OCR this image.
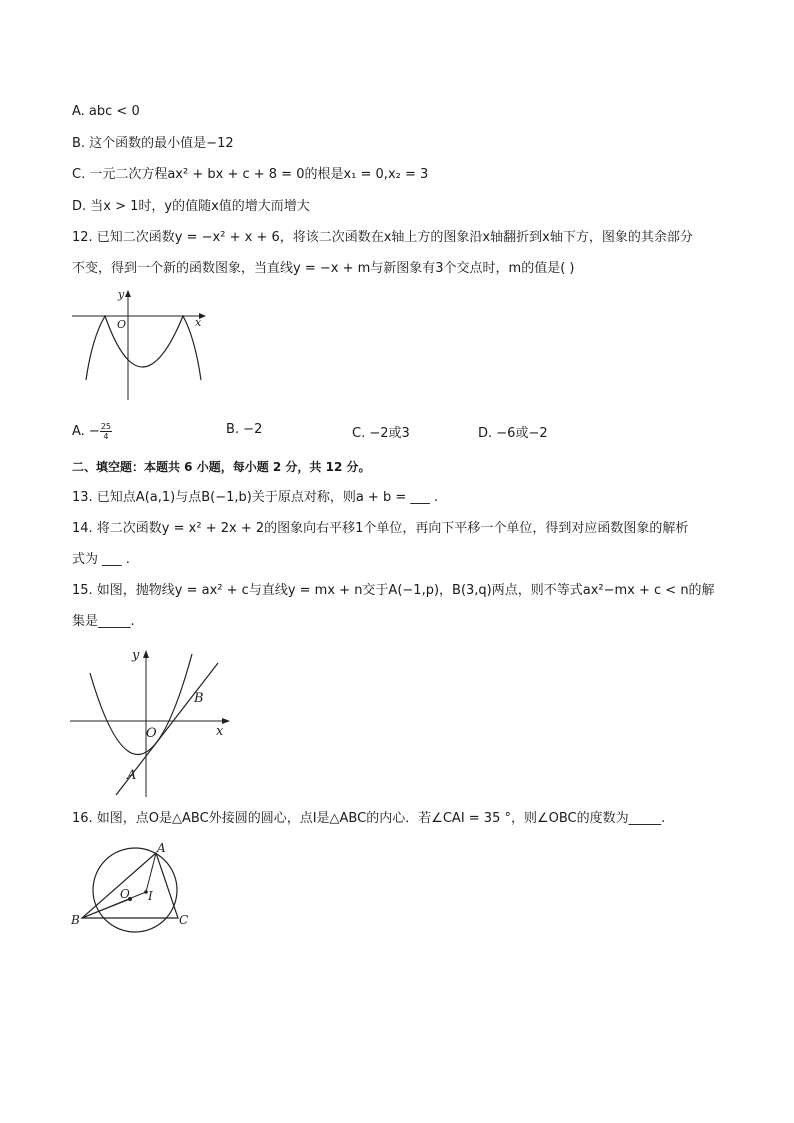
A. abc < 0
B. 这个函数的最小值是−12
C. 一元二次方程ax² + bx + c + 8 = 0的根是x₁ = 0,x₂ = 3
D. 当x > 1时，y的值随x值的增大而增大
12. 已知二次函数y = −x² + x + 6，将该二次函数在x轴上方的图象沿x轴翻折到x轴下方，图象的其余部分
不变，得到一个新的函数图象，当直线y = −x + m与新图象有3个交点时，m的值是( )
y
x
O
A. − $\frac{25}{4}$	B. −2	C. −2或3	D. −6或−2
二、填空题：本题共 6 小题，每小题 2 分，共 12 分。
13. 已知点A(a,1)与点B(−1,b)关于原点对称，则a + b = ___ .
14. 将二次函数y = x² + 2x + 2的图象向右平移1个单位，再向下平移一个单位，得到对应函数图象的解析
式为 ___ .
15. 如图，抛物线y = ax² + c与直线y = mx + n交于A(−1,p)，B(3,q)两点，则不等式ax²−mx + c < n的解
集是_____.
y
x
O
A
B
16. 如图，点O是△ABC外接圆的圆心，点I是△ABC的内心．若∠CAI = 35 °，则∠OBC的度数为_____.
A
B	C
O I
